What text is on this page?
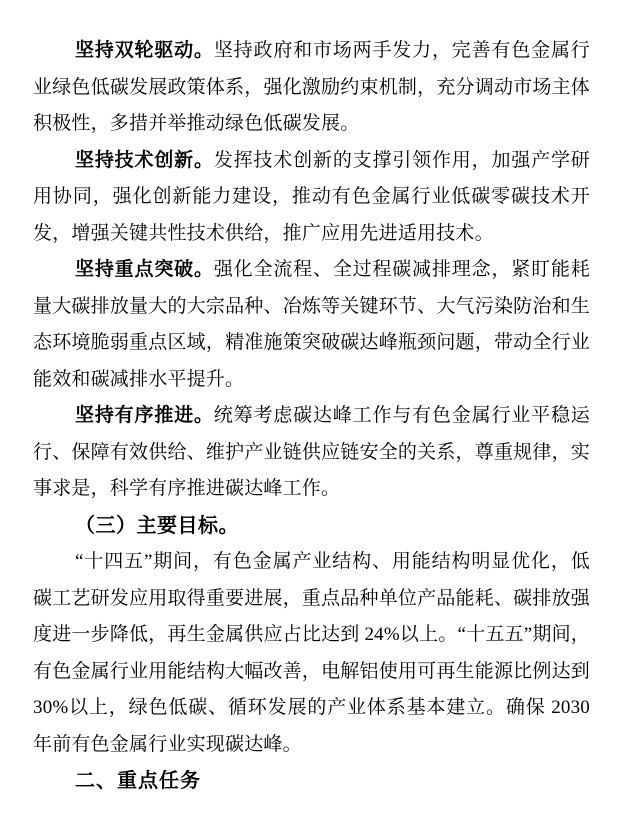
坚持双轮驱动。坚持政府和市场两手发力，完善有色金属行业绿色低碳发展政策体系，强化激励约束机制，充分调动市场主体积极性，多措并举推动绿色低碳发展。

坚持技术创新。发挥技术创新的支撑引领作用，加强产学研用协同，强化创新能力建设，推动有色金属行业低碳零碳技术开发，增强关键共性技术供给，推广应用先进适用技术。

坚持重点突破。强化全流程、全过程碳减排理念，紧盯能耗量大碳排放量大的大宗品种、冶炼等关键环节、大气污染防治和生态环境脆弱重点区域，精准施策突破碳达峰瓶颈问题，带动全行业能效和碳减排水平提升。

坚持有序推进。统筹考虑碳达峰工作与有色金属行业平稳运行、保障有效供给、维护产业链供应链安全的关系，尊重规律，实事求是，科学有序推进碳达峰工作。

（三）主要目标。

“十四五”期间，有色金属产业结构、用能结构明显优化，低碳工艺研发应用取得重要进展，重点品种单位产品能耗、碳排放强度进一步降低，再生金属供应占比达到 24%以上。“十五五”期间，有色金属行业用能结构大幅改善，电解铝使用可再生能源比例达到 30%以上，绿色低碳、循环发展的产业体系基本建立。确保 2030 年前有色金属行业实现碳达峰。

二、重点任务
